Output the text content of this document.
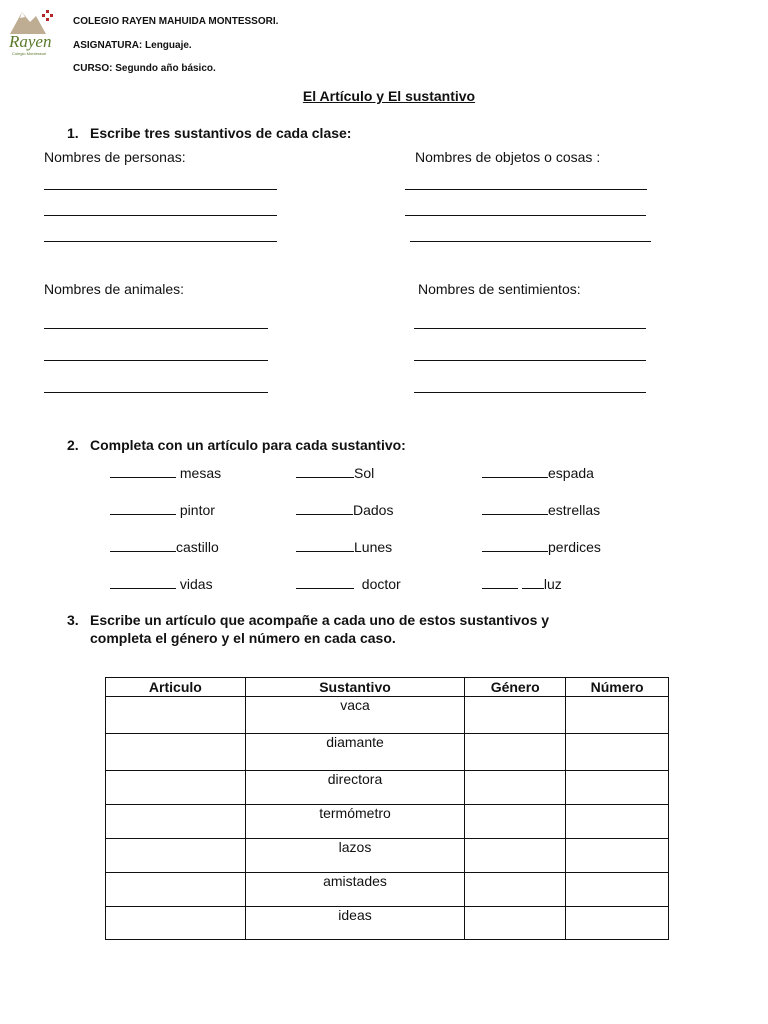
Rayen
Colegio Montessori
COLEGIO RAYEN MAHUIDA MONTESSORI.
ASIGNATURA: Lenguaje.
CURSO: Segundo año básico.
El Artículo y El sustantivo
1. Escribe tres sustantivos de cada clase:
Nombres de personas:	Nombres de objetos o cosas :
Nombres de animales:	Nombres de sentimientos:
2. Completa con un artículo para cada sustantivo:
mesas	Sol	espada
pintor	Dados	estrellas
castillo	Lunes	perdices
vidas	doctor	luz
3. Escribe un artículo que acompañe a cada uno de estos sustantivos y
completa el género y el número en cada caso.
Articulo	Sustantivo	Género	Número
	vaca		
	diamante		
	directora		
	termómetro		
	lazos		
	amistades		
	ideas		
